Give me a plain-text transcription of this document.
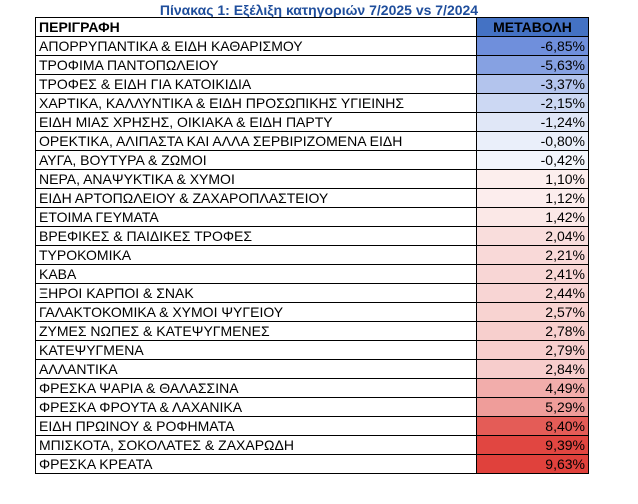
Πίνακας 1: Εξέλιξη κατηγοριών 7/2025 vs 7/2024
ΠΕΡΙΓΡΑΦΗ	ΜΕΤΑΒΟΛΗ
ΑΠΟΡΡΥΠΑΝΤΙΚΑ & ΕΙΔΗ ΚΑΘΑΡΙΣΜΟΥ	-6,85%
ΤΡΟΦΙΜΑ ΠΑΝΤΟΠΩΛΕΙΟΥ	-5,63%
ΤΡΟΦΕΣ & ΕΙΔΗ ΓΙΑ ΚΑΤΟΙΚΙΔΙΑ	-3,37%
ΧΑΡΤΙΚΑ, ΚΑΛΛΥΝΤΙΚΑ & ΕΙΔΗ ΠΡΟΣΩΠΙΚΗΣ ΥΓΙΕΙΝΗΣ	-2,15%
ΕΙΔΗ ΜΙΑΣ ΧΡΗΣΗΣ, ΟΙΚΙΑΚΑ & ΕΙΔΗ ΠΑΡΤΥ	-1,24%
ΟΡΕΚΤΙΚΑ, ΑΛΙΠΑΣΤΑ ΚΑΙ ΑΛΛΑ ΣΕΡΒΙΡΙΖΟΜΕΝΑ ΕΙΔΗ	-0,80%
ΑΥΓΑ, ΒΟΥΤΥΡΑ & ΖΩΜΟΙ	-0,42%
ΝΕΡΑ, ΑΝΑΨΥΚΤΙΚΑ & ΧΥΜΟΙ	1,10%
ΕΙΔΗ ΑΡΤΟΠΩΛΕΙΟΥ & ΖΑΧΑΡΟΠΛΑΣΤΕΙΟΥ	1,12%
ΕΤΟΙΜΑ ΓΕΥΜΑΤΑ	1,42%
ΒΡΕΦΙΚΕΣ & ΠΑΙΔΙΚΕΣ ΤΡΟΦΕΣ	2,04%
ΤΥΡΟΚΟΜΙΚΑ	2,21%
ΚΑΒΑ	2,41%
ΞΗΡΟΙ ΚΑΡΠΟΙ & ΣΝΑΚ	2,44%
ΓΑΛΑΚΤΟΚΟΜΙΚΑ & ΧΥΜΟΙ ΨΥΓΕΙΟΥ	2,57%
ΖΥΜΕΣ ΝΩΠΕΣ & ΚΑΤΕΨΥΓΜΕΝΕΣ	2,78%
ΚΑΤΕΨΥΓΜΕΝΑ	2,79%
ΑΛΛΑΝΤΙΚΑ	2,84%
ΦΡΕΣΚΑ ΨΑΡΙΑ & ΘΑΛΑΣΣΙΝΑ	4,49%
ΦΡΕΣΚΑ ΦΡΟΥΤΑ & ΛΑΧΑΝΙΚΑ	5,29%
ΕΙΔΗ ΠΡΩΙΝΟΥ & ΡΟΦΗΜΑΤΑ	8,40%
ΜΠΙΣΚΟΤΑ, ΣΟΚΟΛΑΤΕΣ & ΖΑΧΑΡΩΔΗ	9,39%
ΦΡΕΣΚΑ ΚΡΕΑΤΑ	9,63%
